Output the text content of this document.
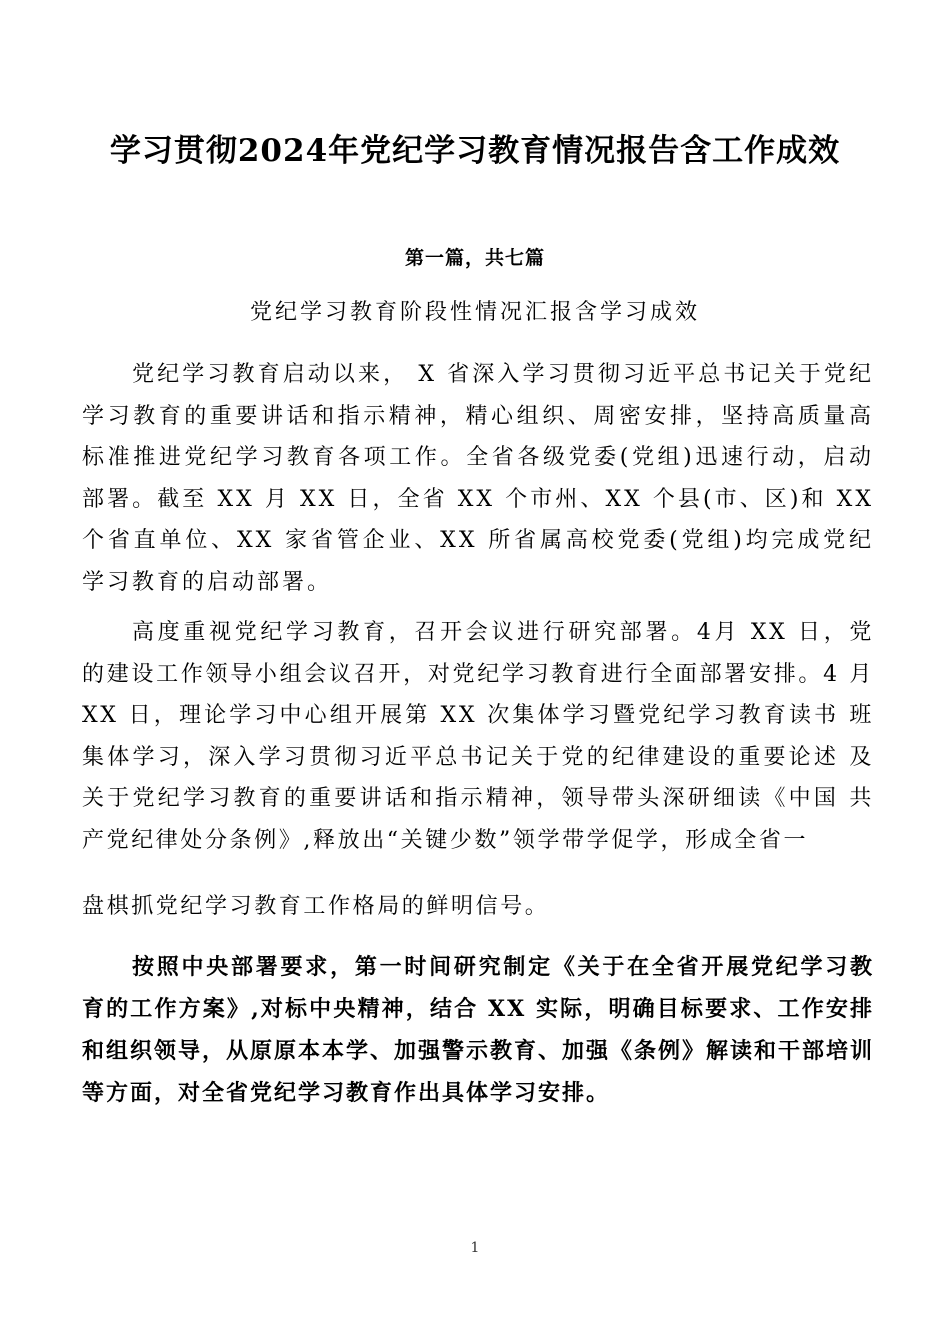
学习贯彻2024年党纪学习教育情况报告含工作成效
第一篇，共七篇
党纪学习教育阶段性情况汇报含学习成效

党纪学习教育启动以来， X 省深入学习贯彻习近平总书记关于党纪学习教育的重要讲话和指示精神，精心组织、周密安排，坚持高质量高标准推进党纪学习教育各项工作。全省各级党委(党组)迅速行动，启动部署。截至 XX 月 XX 日，全省 XX 个市州、XX 个县(市、区)和 XX 个省直单位、XX 家省管企业、XX 所省属高校党委(党组)均完成党纪学习教育的启动部署。

高度重视党纪学习教育，召开会议进行研究部署。4月 XX 日，党 的建设工作领导小组会议召开，对党纪学习教育进行全面部署安排。4 月 XX 日，理论学习中心组开展第 XX 次集体学习暨党纪学习教育读书 班集体学习，深入学习贯彻习近平总书记关于党的纪律建设的重要论述 及关于党纪学习教育的重要讲话和指示精神，领导带头深研细读《中国 共产党纪律处分条例》,释放出“关键少数”领学带学促学，形成全省一

盘棋抓党纪学习教育工作格局的鲜明信号。

按照中央部署要求，第一时间研究制定《关于在全省开展党纪学习教育的工作方案》,对标中央精神，结合 XX 实际，明确目标要求、工作安排和组织领导，从原原本本学、加强警示教育、加强《条例》解读和干部培训等方面，对全省党纪学习教育作出具体学习安排。

1
